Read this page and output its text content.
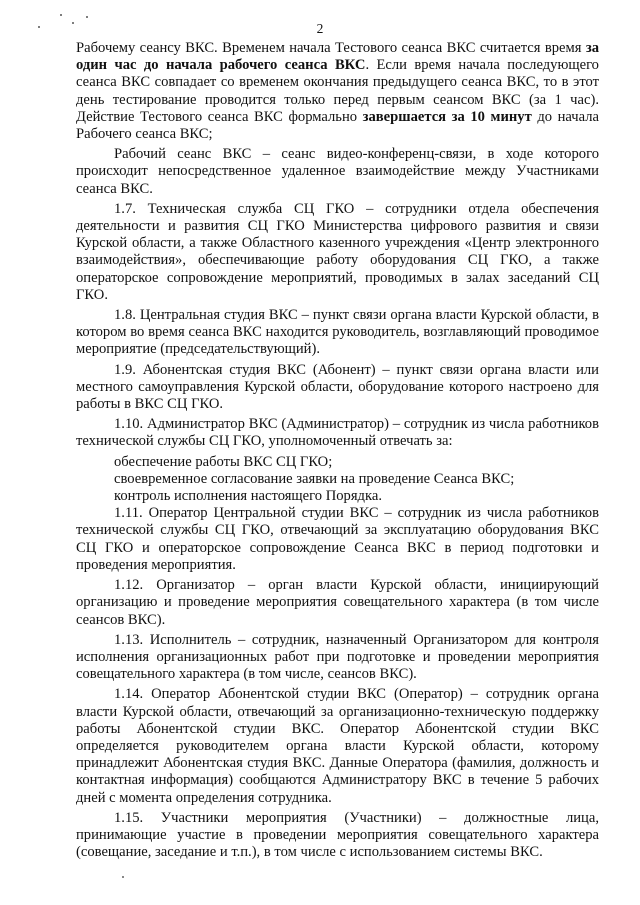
2

Рабочему сеансу ВКС. Временем начала Тестового сеанса ВКС считается время за один час до начала рабочего сеанса ВКС. Если время начала последующего сеанса ВКС совпадает со временем окончания предыдущего сеанса ВКС, то в этот день тестирование проводится только перед первым сеансом ВКС (за 1 час). Действие Тестового сеанса ВКС формально завершается за 10 минут до начала Рабочего сеанса ВКС;

Рабочий сеанс ВКС – сеанс видео-конференц-связи, в ходе которого происходит непосредственное удаленное взаимодействие между Участниками сеанса ВКС.

1.7. Техническая служба СЦ ГКО – сотрудники отдела обеспечения деятельности и развития СЦ ГКО Министерства цифрового развития и связи Курской области, а также Областного казенного учреждения «Центр электронного взаимодействия», обеспечивающие работу оборудования СЦ ГКО, а также операторское сопровождение мероприятий, проводимых в залах заседаний СЦ ГКО.

1.8. Центральная студия ВКС – пункт связи органа власти Курской области, в котором во время сеанса ВКС находится руководитель, возглавляющий проводимое мероприятие (председательствующий).

1.9. Абонентская студия ВКС (Абонент) – пункт связи органа власти или местного самоуправления Курской области, оборудование которого настроено для работы в ВКС СЦ ГКО.

1.10. Администратор ВКС (Администратор) – сотрудник из числа работников технической службы СЦ ГКО, уполномоченный отвечать за:

обеспечение работы ВКС СЦ ГКО;

своевременное согласование заявки на проведение Сеанса ВКС;

контроль исполнения настоящего Порядка.

1.11. Оператор Центральной студии ВКС – сотрудник из числа работников технической службы СЦ ГКО, отвечающий за эксплуатацию оборудования ВКС СЦ ГКО и операторское сопровождение Сеанса ВКС в период подготовки и проведения мероприятия.

1.12. Организатор – орган власти Курской области, инициирующий организацию и проведение мероприятия совещательного характера (в том числе сеансов ВКС).

1.13. Исполнитель – сотрудник, назначенный Организатором для контроля исполнения организационных работ при подготовке и проведении мероприятия совещательного характера (в том числе, сеансов ВКС).

1.14. Оператор Абонентской студии ВКС (Оператор) – сотрудник органа власти Курской области, отвечающий за организационно-техническую поддержку работы Абонентской студии ВКС. Оператор Абонентской студии ВКС определяется руководителем органа власти Курской области, которому принадлежит Абонентская студия ВКС. Данные Оператора (фамилия, должность и контактная информация) сообщаются Администратору ВКС в течение 5 рабочих дней с момента определения сотрудника.

1.15. Участники мероприятия (Участники) – должностные лица, принимающие участие в проведении мероприятия совещательного характера (совещание, заседание и т.п.), в том числе с использованием системы ВКС.
